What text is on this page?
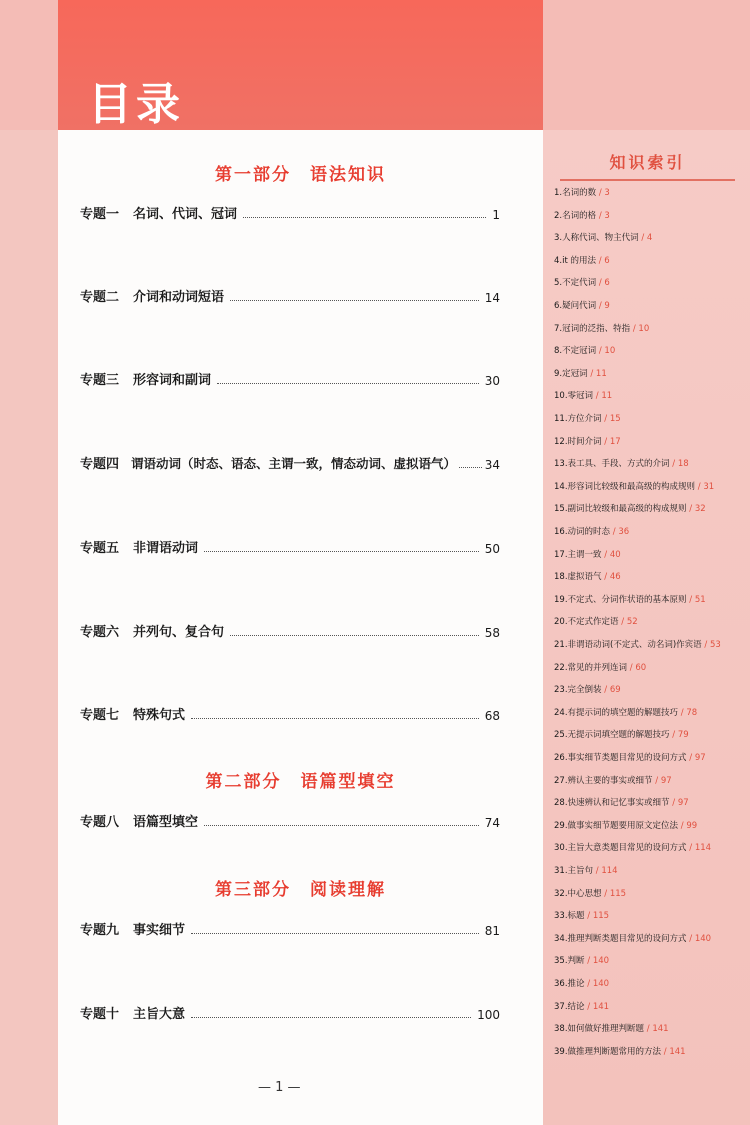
目录
第一部分　语法知识
专题一 名词、代词、冠词	1
专题二 介词和动词短语	14
专题三 形容词和副词	30
专题四 谓语动词（时态、语态、主谓一致，情态动词、虚拟语气） 34
专题五 非谓语动词	50
专题六 并列句、复合句	58
专题七 特殊句式	68
第二部分　语篇型填空
专题八 语篇型填空	74
第三部分　阅读理解
专题九 事实细节	81
专题十 主旨大意	100
知识索引
1.名词的数 / 3
2.名词的格 / 3
3.人称代词、物主代词 / 4
4.it 的用法 / 6
5.不定代词 / 6
6.疑问代词 / 9
7.冠词的泛指、特指 / 10
8.不定冠词 / 10
9.定冠词 / 11
10.零冠词 / 11
11.方位介词 / 15
12.时间介词 / 17
13.表工具、手段、方式的介词 / 18
14.形容词比较级和最高级的构成规则 / 31
15.副词比较级和最高级的构成规则 / 32
16.动词的时态 / 36
17.主谓一致 / 40
18.虚拟语气 / 46
19.不定式、分词作状语的基本原则 / 51
20.不定式作定语 / 52
21.非谓语动词(不定式、动名词)作宾语 / 53
22.常见的并列连词 / 60
23.完全倒装 / 69
24.有提示词的填空题的解题技巧 / 78
25.无提示词填空题的解题技巧 / 79
26.事实细节类题目常见的设问方式 / 97
27.辨认主要的事实或细节 / 97
28.快速辨认和记忆事实或细节 / 97
29.做事实细节题要用原文定位法 / 99
30.主旨大意类题目常见的设问方式 / 114
31.主旨句 / 114
32.中心思想 / 115
33.标题 / 115
34.推理判断类题目常见的设问方式 / 140
35.判断 / 140
36.推论 / 140
37.结论 / 141
38.如何做好推理判断题 / 141
39.做推理判断题常用的方法 / 141
— 1 —
